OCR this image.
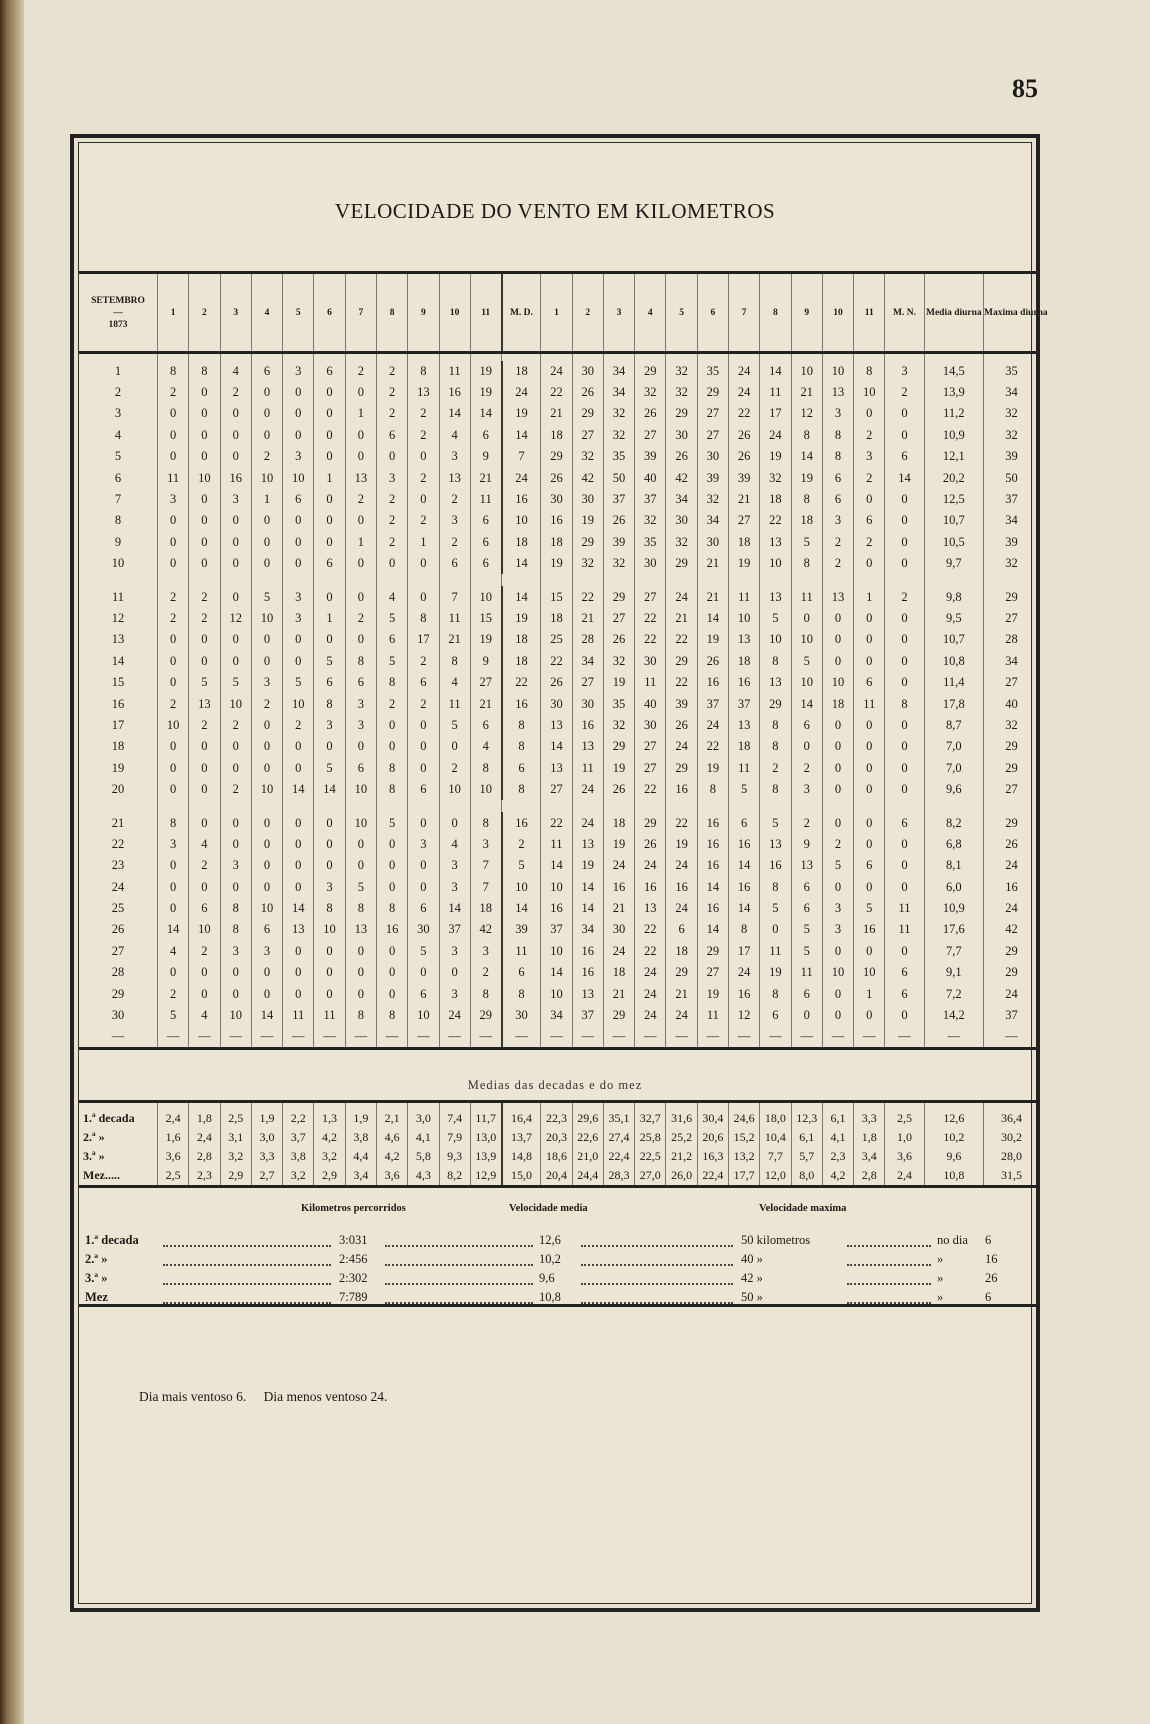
85
VELOCIDADE DO VENTO EM KILOMETROS
SETEMBRO
—
1873	1	2	3	4	5	6	7	8	9	10	11	M. D.	1	2	3	4	5	6	7	8	9	10	11	M. N.	Media diurna	Maxima diurna

1	8	8	4	6	3	6	2	2	8	11	19	18	24	30	34	29	32	35	24	14	10	10	8	3	14,5	35
2	2	0	2	0	0	0	0	2	13	16	19	24	22	26	34	32	32	29	24	11	21	13	10	2	13,9	34
3	0	0	0	0	0	0	1	2	2	14	14	19	21	29	32	26	29	27	22	17	12	3	0	0	11,2	32
4	0	0	0	0	0	0	0	6	2	4	6	14	18	27	32	27	30	27	26	24	8	8	2	0	10,9	32
5	0	0	0	2	3	0	0	0	0	3	9	7	29	32	35	39	26	30	26	19	14	8	3	6	12,1	39
6	11	10	16	10	10	1	13	3	2	13	21	24	26	42	50	40	42	39	39	32	19	6	2	14	20,2	50
7	3	0	3	1	6	0	2	2	0	2	11	16	30	30	37	37	34	32	21	18	8	6	0	0	12,5	37
8	0	0	0	0	0	0	0	2	2	3	6	10	16	19	26	32	30	34	27	22	18	3	6	0	10,7	34
9	0	0	0	0	0	0	1	2	1	2	6	18	18	29	39	35	32	30	18	13	5	2	2	0	10,5	39
10	0	0	0	0	0	6	0	0	0	6	6	14	19	32	32	30	29	21	19	10	8	2	0	0	9,7	32

11	2	2	0	5	3	0	0	4	0	7	10	14	15	22	29	27	24	21	11	13	11	13	1	2	9,8	29
12	2	2	12	10	3	1	2	5	8	11	15	19	18	21	27	22	21	14	10	5	0	0	0	0	9,5	27
13	0	0	0	0	0	0	0	6	17	21	19	18	25	28	26	22	22	19	13	10	10	0	0	0	10,7	28
14	0	0	0	0	0	5	8	5	2	8	9	18	22	34	32	30	29	26	18	8	5	0	0	0	10,8	34
15	0	5	5	3	5	6	6	8	6	4	27	22	26	27	19	11	22	16	16	13	10	10	6	0	11,4	27
16	2	13	10	2	10	8	3	2	2	11	21	16	30	30	35	40	39	37	37	29	14	18	11	8	17,8	40
17	10	2	2	0	2	3	3	0	0	5	6	8	13	16	32	30	26	24	13	8	6	0	0	0	8,7	32
18	0	0	0	0	0	0	0	0	0	0	4	8	14	13	29	27	24	22	18	8	0	0	0	0	7,0	29
19	0	0	0	0	0	5	6	8	0	2	8	6	13	11	19	27	29	19	11	2	2	0	0	0	7,0	29
20	0	0	2	10	14	14	10	8	6	10	10	8	27	24	26	22	16	8	5	8	3	0	0	0	9,6	27

21	8	0	0	0	0	0	10	5	0	0	8	16	22	24	18	29	22	16	6	5	2	0	0	6	8,2	29
22	3	4	0	0	0	0	0	0	3	4	3	2	11	13	19	26	19	16	16	13	9	2	0	0	6,8	26
23	0	2	3	0	0	0	0	0	0	3	7	5	14	19	24	24	24	16	14	16	13	5	6	0	8,1	24
24	0	0	0	0	0	3	5	0	0	3	7	10	10	14	16	16	16	14	16	8	6	0	0	0	6,0	16
25	0	6	8	10	14	8	8	8	6	14	18	14	16	14	21	13	24	16	14	5	6	3	5	11	10,9	24
26	14	10	8	6	13	10	13	16	30	37	42	39	37	34	30	22	6	14	8	0	5	3	16	11	17,6	42
27	4	2	3	3	0	0	0	0	5	3	3	11	10	16	24	22	18	29	17	11	5	0	0	0	7,7	29
28	0	0	0	0	0	0	0	0	0	0	2	6	14	16	18	24	29	27	24	19	11	10	10	6	9,1	29
29	2	0	0	0	0	0	0	0	6	3	8	8	10	13	21	24	21	19	16	8	6	0	1	6	7,2	24
30	5	4	10	14	11	11	8	8	10	24	29	30	34	37	29	24	24	11	12	6	0	0	0	0	14,2	37
—	—	—	—	—	—	—	—	—	—	—	—	—	—	—	—	—	—	—	—	—	—	—	—	—	—	—
Medias das decadas e do mez
1.ª decada	2,4	1,8	2,5	1,9	2,2	1,3	1,9	2,1	3,0	7,4	11,7	16,4	22,3	29,6	35,1	32,7	31,6	30,4	24,6	18,0	12,3	6,1	3,3	2,5	12,6	36,4
2.ª »	1,6	2,4	3,1	3,0	3,7	4,2	3,8	4,6	4,1	7,9	13,0	13,7	20,3	22,6	27,4	25,8	25,2	20,6	15,2	10,4	6,1	4,1	1,8	1,0	10,2	30,2
3.ª »	3,6	2,8	3,2	3,3	3,8	3,2	4,4	4,2	5,8	9,3	13,9	14,8	18,6	21,0	22,4	22,5	21,2	16,3	13,2	7,7	5,7	2,3	3,4	3,6	9,6	28,0
Mez.....	2,5	2,3	2,9	2,7	3,2	2,9	3,4	3,6	4,3	8,2	12,9	15,0	20,4	24,4	28,3	27,0	26,0	22,4	17,7	12,0	8,0	4,2	2,8	2,4	10,8	31,5
Kilometros percorridos	Velocidade media	Velocidade maxima
1.ª decada	3:031	12,6	50 kilometros	no dia 6
2.ª »	2:456	10,2	40 »	»	16
3.ª »	2:302	9,6	42 »	»	26
Mez	7:789	10,8	50 »	»	6
Dia mais ventoso 6. Dia menos ventoso 24.
